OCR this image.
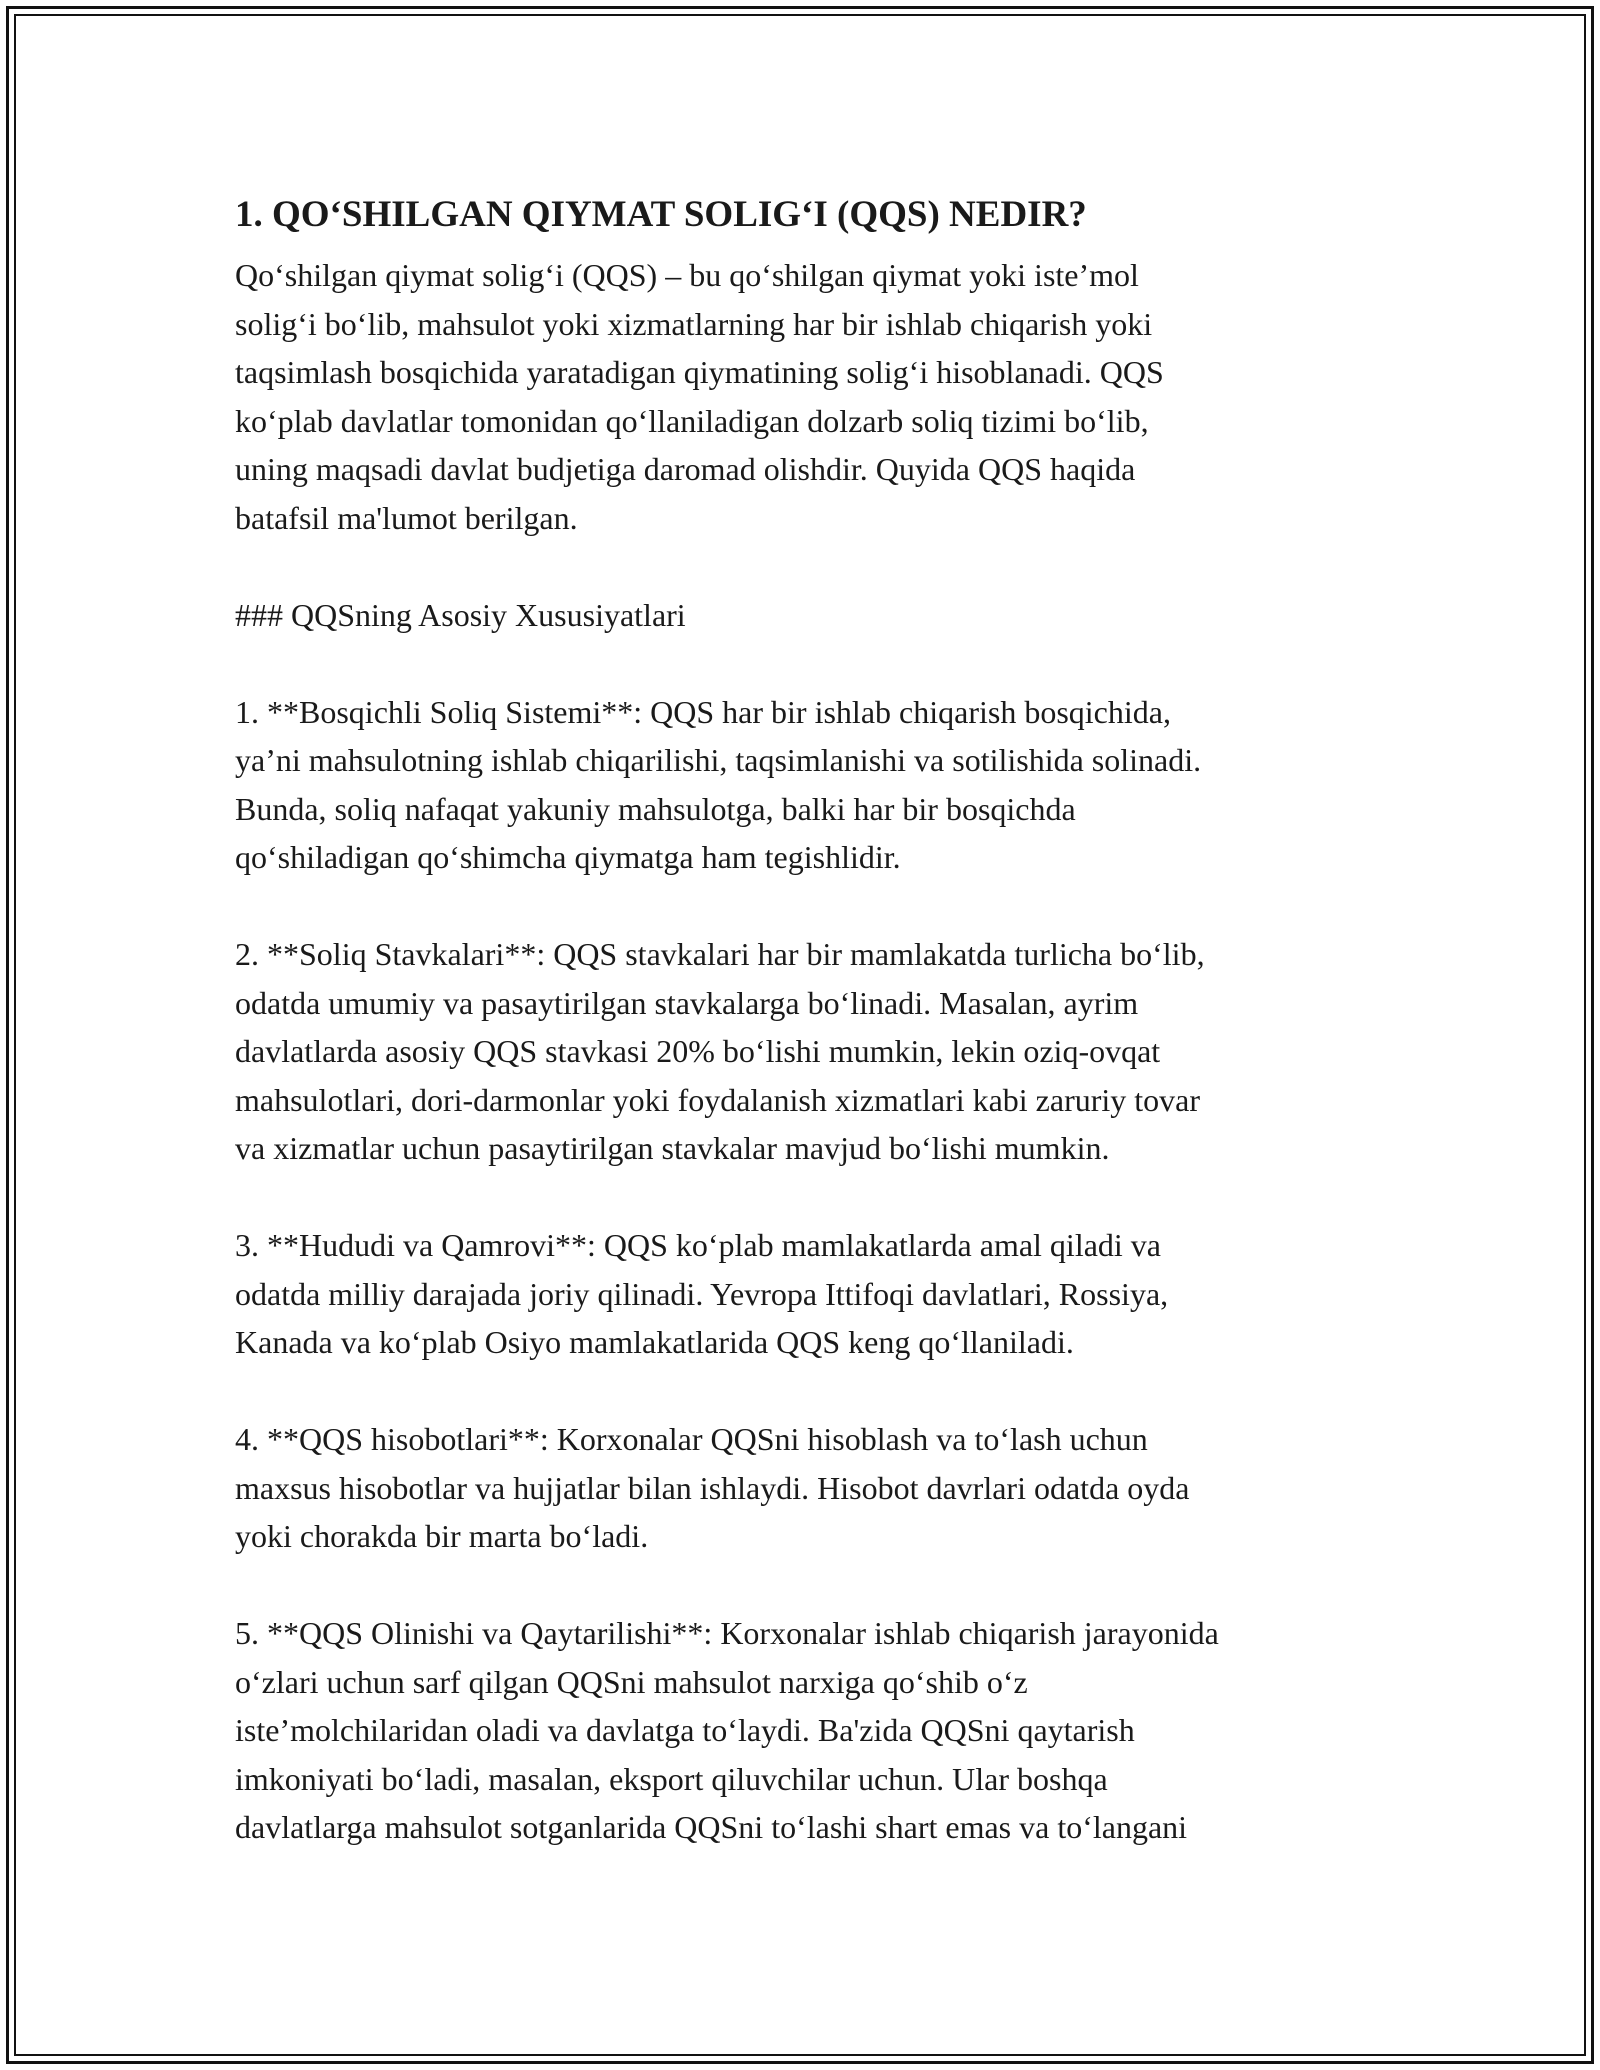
1. QO‘SHILGAN QIYMAT SOLIG‘I (QQS) NEDIR?

Qo‘shilgan qiymat solig‘i (QQS) – bu qo‘shilgan qiymat yoki iste’mol
solig‘i bo‘lib, mahsulot yoki xizmatlarning har bir ishlab chiqarish yoki
taqsimlash bosqichida yaratadigan qiymatining solig‘i hisoblanadi. QQS
ko‘plab davlatlar tomonidan qo‘llaniladigan dolzarb soliq tizimi bo‘lib,
uning maqsadi davlat budjetiga daromad olishdir. Quyida QQS haqida
batafsil ma'lumot berilgan.

### QQSning Asosiy Xususiyatlari

1. **Bosqichli Soliq Sistemi**: QQS har bir ishlab chiqarish bosqichida,
ya’ni mahsulotning ishlab chiqarilishi, taqsimlanishi va sotilishida solinadi.
Bunda, soliq nafaqat yakuniy mahsulotga, balki har bir bosqichda
qo‘shiladigan qo‘shimcha qiymatga ham tegishlidir.

2. **Soliq Stavkalari**: QQS stavkalari har bir mamlakatda turlicha bo‘lib,
odatda umumiy va pasaytirilgan stavkalarga bo‘linadi. Masalan, ayrim
davlatlarda asosiy QQS stavkasi 20% bo‘lishi mumkin, lekin oziq-ovqat
mahsulotlari, dori-darmonlar yoki foydalanish xizmatlari kabi zaruriy tovar
va xizmatlar uchun pasaytirilgan stavkalar mavjud bo‘lishi mumkin.

3. **Hududi va Qamrovi**: QQS ko‘plab mamlakatlarda amal qiladi va
odatda milliy darajada joriy qilinadi. Yevropa Ittifoqi davlatlari, Rossiya,
Kanada va ko‘plab Osiyo mamlakatlarida QQS keng qo‘llaniladi.

4. **QQS hisobotlari**: Korxonalar QQSni hisoblash va to‘lash uchun
maxsus hisobotlar va hujjatlar bilan ishlaydi. Hisobot davrlari odatda oyda
yoki chorakda bir marta bo‘ladi.

5. **QQS Olinishi va Qaytarilishi**: Korxonalar ishlab chiqarish jarayonida
o‘zlari uchun sarf qilgan QQSni mahsulot narxiga qo‘shib o‘z
iste’molchilaridan oladi va davlatga to‘laydi. Ba'zida QQSni qaytarish
imkoniyati bo‘ladi, masalan, eksport qiluvchilar uchun. Ular boshqa
davlatlarga mahsulot sotganlarida QQSni to‘lashi shart emas va to‘langani
